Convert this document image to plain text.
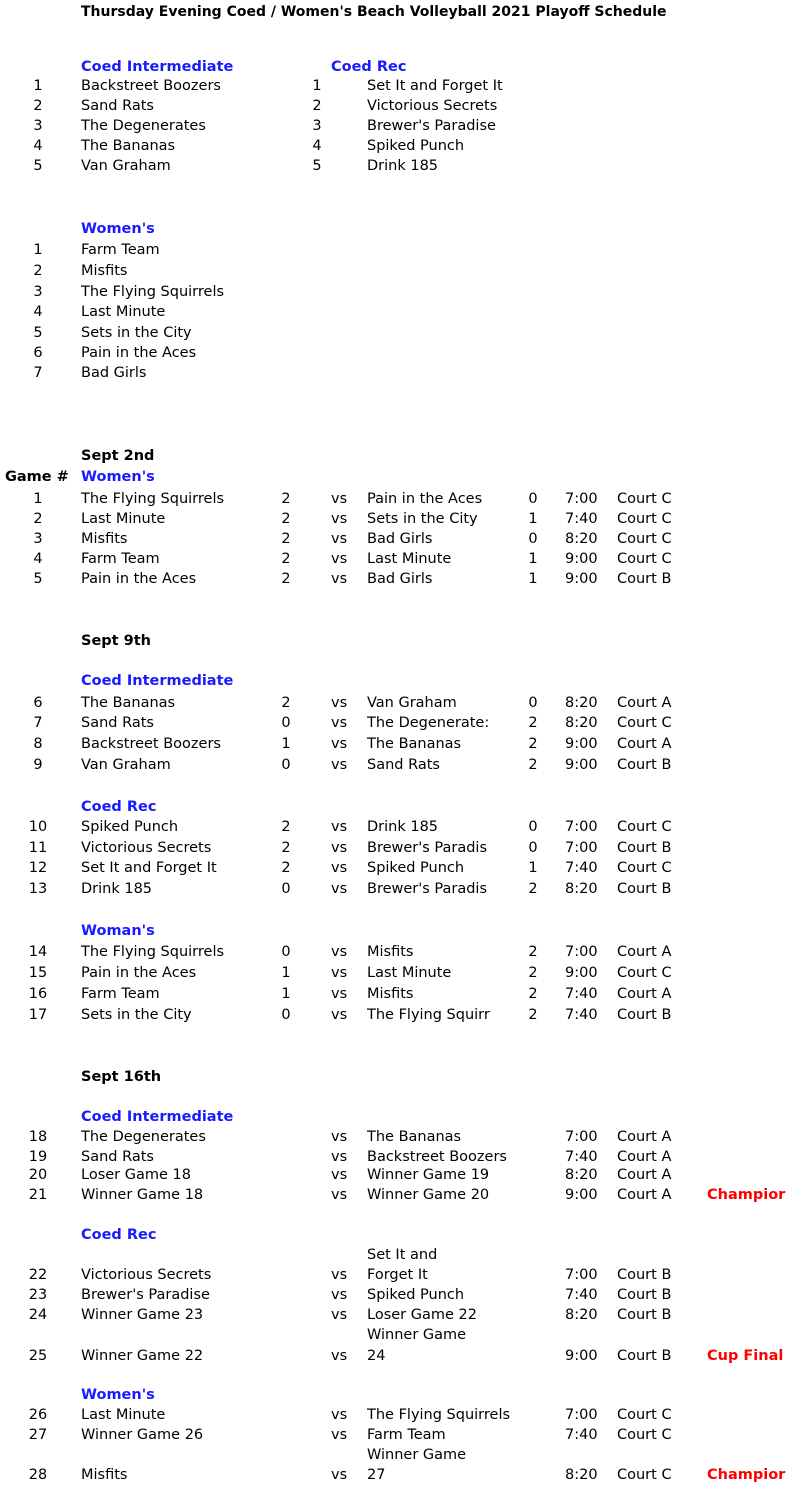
Thursday Evening Coed / Women's Beach Volleyball 2021 Playoff Schedule
Coed Intermediate	Coed Rec
1	Backstreet Boozers	1	Set It and Forget It
2	Sand Rats	2	Victorious Secrets
3	The Degenerates	3	Brewer's Paradise
4	The Bananas	4	Spiked Punch
5	Van Graham	5	Drink 185
Women's
1	Farm Team
2	Misfits
3	The Flying Squirrels
4	Last Minute
5	Sets in the City
6	Pain in the Aces
7	Bad Girls
Sept 2nd
Game # Women's
1	The Flying Squirrels	2	vs Pain in the Aces	0	7:00 Court C
2	Last Minute	2	vs Sets in the City	1	7:40 Court C
3	Misfits	2	vs Bad Girls	0	8:20 Court C
4	Farm Team	2	vs Last Minute	1	9:00 Court C
5	Pain in the Aces	2	vs Bad Girls	1	9:00 Court B
Sept 9th
Coed Intermediate
6	The Bananas	2	vs Van Graham	0	8:20 Court A
7	Sand Rats	0	vs The Degenerate:	2	8:20 Court C
8	Backstreet Boozers	1	vs The Bananas	2	9:00 Court A
9	Van Graham	0	vs Sand Rats	2	9:00 Court B
Coed Rec
10	Spiked Punch	2	vs Drink 185	0	7:00 Court C
11	Victorious Secrets	2	vs Brewer's Paradis	0	7:00 Court B
12	Set It and Forget It	2	vs Spiked Punch	1	7:40 Court C
13	Drink 185	0	vs Brewer's Paradis	2	8:20 Court B
Woman's
14	The Flying Squirrels	0	vs Misfits	2	7:00 Court A
15	Pain in the Aces	1	vs Last Minute	2	9:00 Court C
16	Farm Team	1	vs Misfits	2	7:40 Court A
17	Sets in the City	0	vs The Flying Squirr	2	7:40 Court B
Sept 16th
Coed Intermediate
18	The Degenerates	vs The Bananas	7:00 Court A
19	Sand Rats	vs Backstreet Boozers	7:40 Court A
20	Loser Game 18	vs Winner Game 19	8:20 Court A
21	Winner Game 18	vs Winner Game 20	9:00 Court A Champior
Coed Rec
Set It and
22	Victorious Secrets	vs Forget It	7:00 Court B
23	Brewer's Paradise	vs Spiked Punch	7:40 Court B
24	Winner Game 23	vs Loser Game 22	8:20 Court B
Winner Game
25	Winner Game 22	vs 24	9:00 Court B Cup Final
Women's
26	Last Minute	vs The Flying Squirrels	7:00 Court C
27	Winner Game 26	vs Farm Team	7:40 Court C
Winner Game
28	Misfits	vs 27	8:20 Court C Champior
